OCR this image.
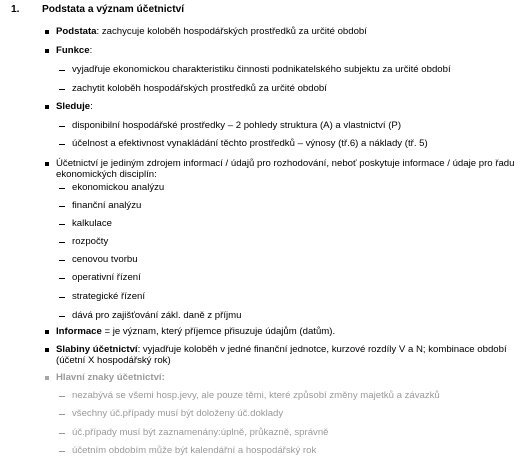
1. Podstata a význam účetnictví
Podstata: zachycuje koloběh hospodářských prostředků za určité období
Funkce:
vyjadřuje ekonomickou charakteristiku činnosti podnikatelského subjektu za určité období
zachytit koloběh hospodářských prostředků za určité období
Sleduje:
disponibilní hospodářské prostředky – 2 pohledy struktura (A) a vlastnictví (P)
účelnost a efektivnost vynakládání těchto prostředků – výnosy (tř.6) a náklady (tř. 5)
Účetnictví je jediným zdrojem informací / údajů pro rozhodování, neboť poskytuje informace / údaje pro řadu
ekonomických disciplín:
ekonomickou analýzu
finanční analýzu
kalkulace
rozpočty
cenovou tvorbu
operativní řízení
strategické řízení
dává pro zajišťování zákl. daně z příjmu
Informace = je význam, který příjemce přisuzuje údajům (datům).
Slabiny účetnictví: vyjadřuje koloběh v jedné finanční jednotce, kurzové rozdíly V a N; kombinace období
(účetní X hospodářský rok)
Hlavní znaky účetnictví:
nezabývá se všemi hosp.jevy, ale pouze těmi, které způsobí změny majetků a závazků
všechny úč.případy musí být doloženy úč.doklady
úč.případy musí být zaznamenány:úplně, průkazně, správně
účetním obdobím může být kalendářní a hospodářský rok
